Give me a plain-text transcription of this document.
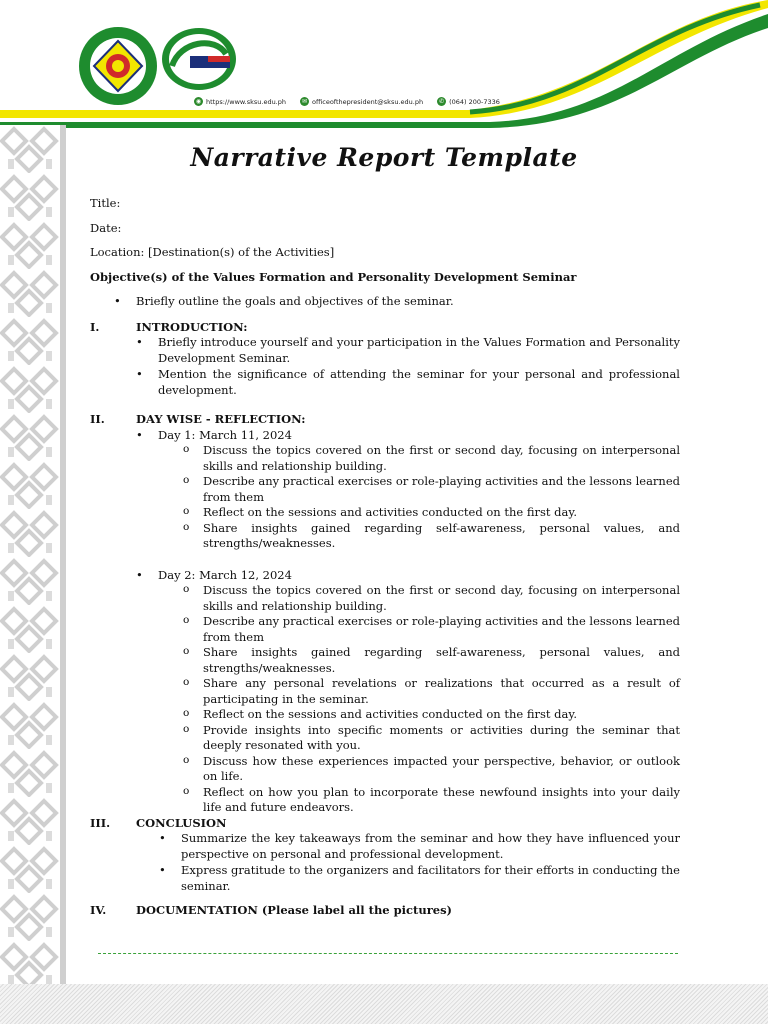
◉ https://www.sksu.edu.ph	✉ officeofthepresident@sksu.edu.ph	✆ (064) 200-7336
Narrative Report Template
Title:
Date:
Location: [Destination(s) of the Activities]
Objective(s) of the Values Formation and Personality Development Seminar
• Briefly outline the goals and objectives of the seminar.
I.	INTRODUCTION:
• Briefly introduce yourself and your participation in the Values Formation and Personality Development Seminar.
• Mention the significance of attending the seminar for your personal and professional development.
II.	DAY WISE - REFLECTION:
• Day 1: March 11, 2024
o Discuss the topics covered on the first or second day, focusing on interpersonal skills and relationship building.
o Describe any practical exercises or role-playing activities and the lessons learned from them
o Reflect on the sessions and activities conducted on the first day.
o Share insights gained regarding self-awareness, personal values, and strengths/weaknesses.
• Day 2: March 12, 2024
o Discuss the topics covered on the first or second day, focusing on interpersonal skills and relationship building.
o Describe any practical exercises or role-playing activities and the lessons learned from them
o Share insights gained regarding self-awareness, personal values, and strengths/weaknesses.
o Share any personal revelations or realizations that occurred as a result of participating in the seminar.
o Reflect on the sessions and activities conducted on the first day.
o Provide insights into specific moments or activities during the seminar that deeply resonated with you.
o Discuss how these experiences impacted your perspective, behavior, or outlook on life.
o Reflect on how you plan to incorporate these newfound insights into your daily life and future endeavors.
III.	CONCLUSION
• Summarize the key takeaways from the seminar and how they have influenced your perspective on personal and professional development.
• Express gratitude to the organizers and facilitators for their efforts in conducting the seminar.
IV.	DOCUMENTATION (Please label all the pictures)
